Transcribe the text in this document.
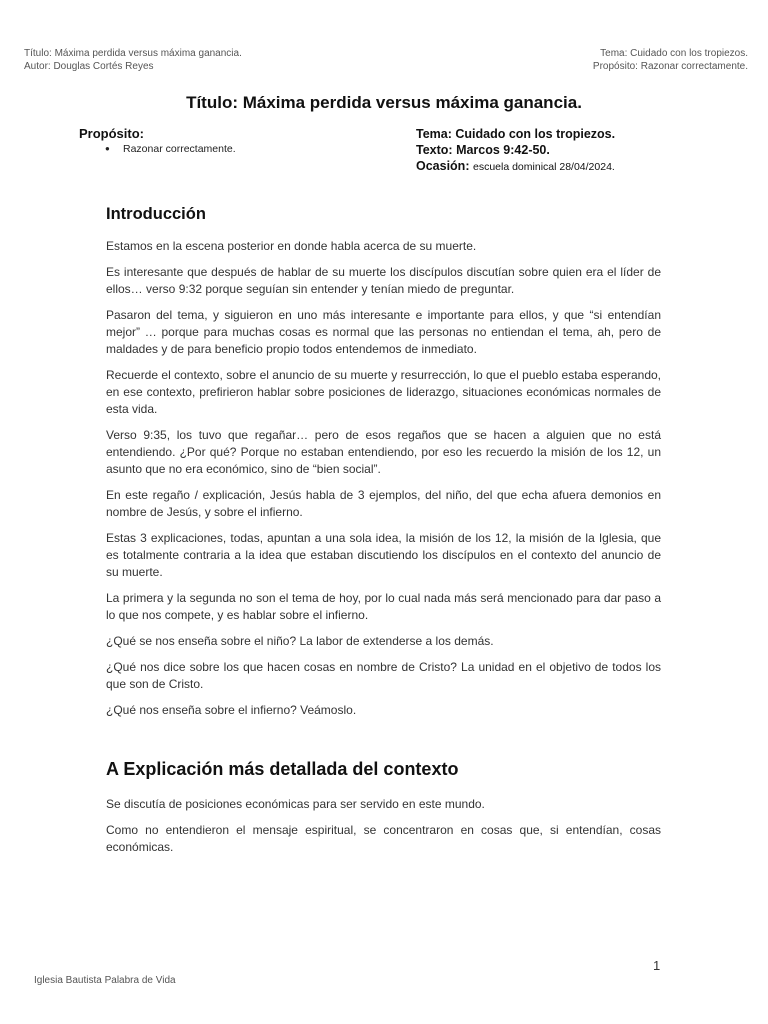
Título: Máxima perdida versus máxima ganancia.
Autor: Douglas Cortés Reyes
Tema: Cuidado con los tropiezos.
Propósito: Razonar correctamente.
Título: Máxima perdida versus máxima ganancia.
Propósito:
● Razonar correctamente.
Tema: Cuidado con los tropiezos.
Texto: Marcos 9:42-50.
Ocasión: escuela dominical 28/04/2024.
Introducción

Estamos en la escena posterior en donde habla acerca de su muerte.

Es interesante que después de hablar de su muerte los discípulos discutían sobre quien era el líder de ellos… verso 9:32 porque seguían sin entender y tenían miedo de preguntar.

Pasaron del tema, y siguieron en uno más interesante e importante para ellos, y que “si entendían mejor” … porque para muchas cosas es normal que las personas no entiendan el tema, ah, pero de maldades y de para beneficio propio todos entendemos de inmediato.

Recuerde el contexto, sobre el anuncio de su muerte y resurrección, lo que el pueblo estaba esperando, en ese contexto, prefirieron hablar sobre posiciones de liderazgo, situaciones económicas normales de esta vida.

Verso 9:35, los tuvo que regañar… pero de esos regaños que se hacen a alguien que no está entendiendo. ¿Por qué? Porque no estaban entendiendo, por eso les recuerdo la misión de los 12, un asunto que no era económico, sino de “bien social”.

En este regaño / explicación, Jesús habla de 3 ejemplos, del niño, del que echa afuera demonios en nombre de Jesús, y sobre el infierno.

Estas 3 explicaciones, todas, apuntan a una sola idea, la misión de los 12, la misión de la Iglesia, que es totalmente contraria a la idea que estaban discutiendo los discípulos en el contexto del anuncio de su muerte.

La primera y la segunda no son el tema de hoy, por lo cual nada más será mencionado para dar paso a lo que nos compete, y es hablar sobre el infierno.

¿Qué se nos enseña sobre el niño? La labor de extenderse a los demás.

¿Qué nos dice sobre los que hacen cosas en nombre de Cristo? La unidad en el objetivo de todos los que son de Cristo.

¿Qué nos enseña sobre el infierno? Veámoslo.

A Explicación más detallada del contexto

Se discutía de posiciones económicas para ser servido en este mundo.

Como no entendieron el mensaje espiritual, se concentraron en cosas que, si entendían, cosas económicas.

1
Iglesia Bautista Palabra de Vida
